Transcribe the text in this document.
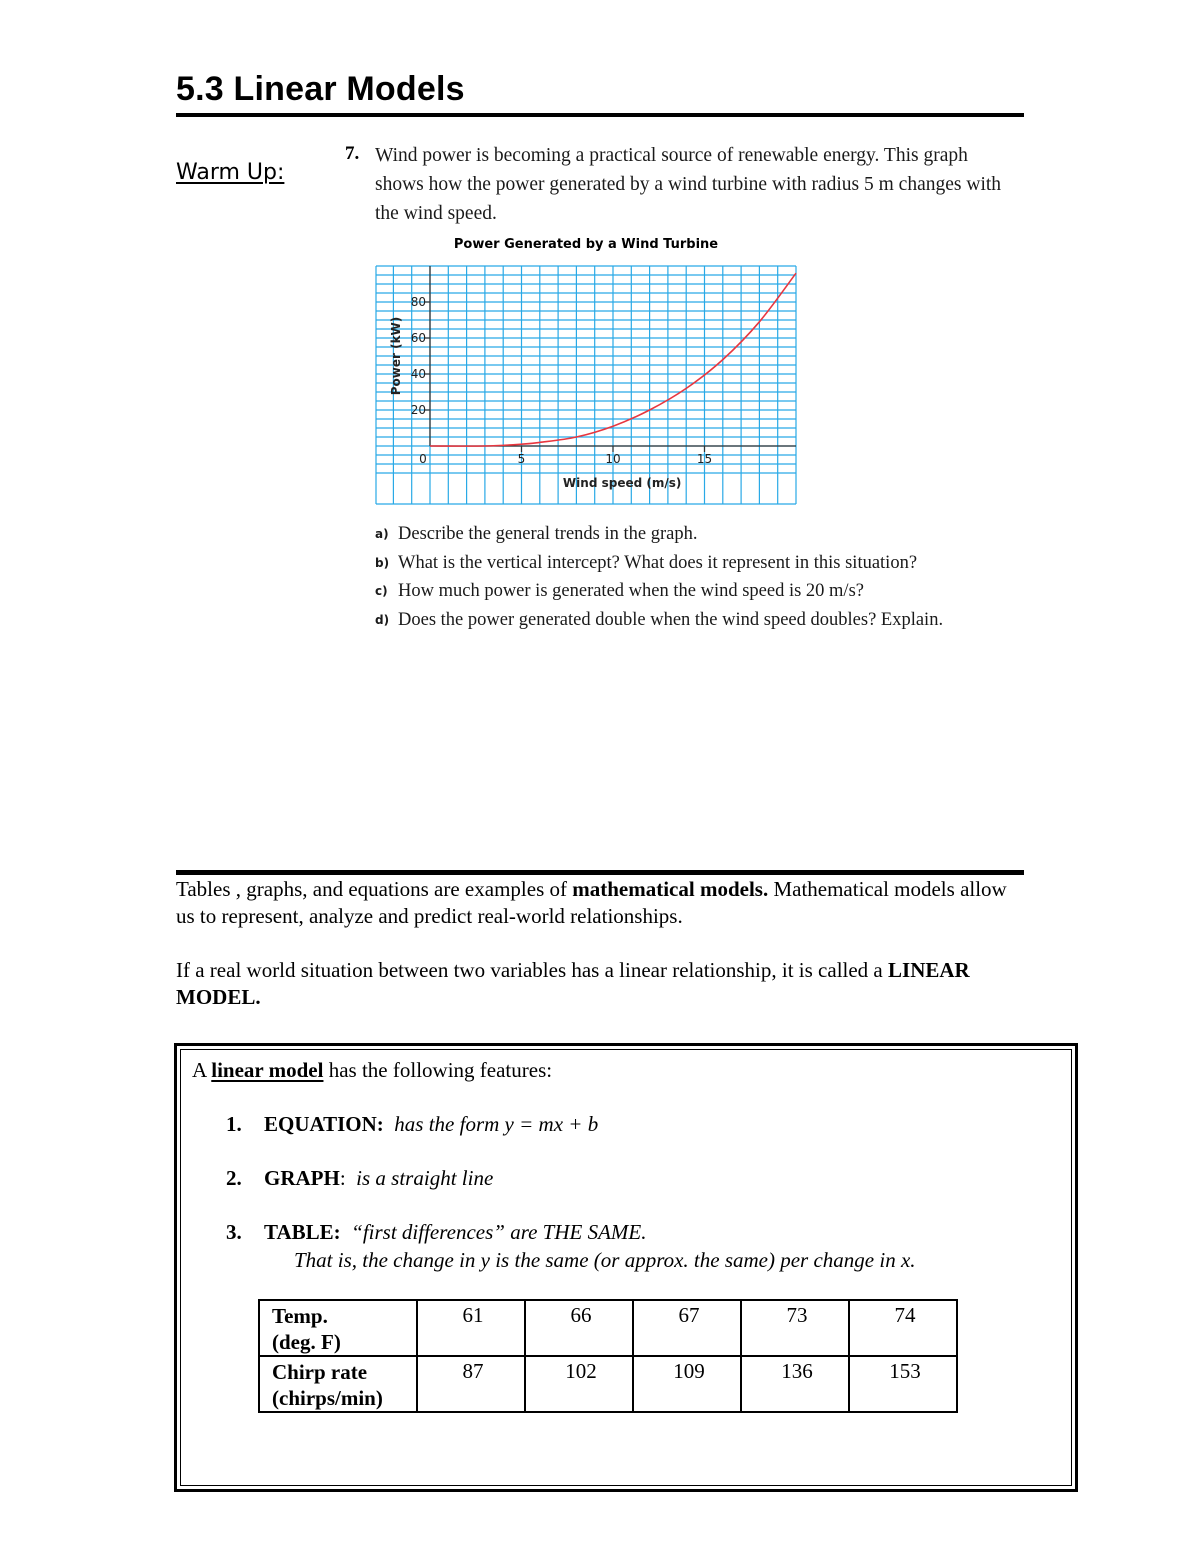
5.3 Linear Models
Warm Up:
7. Wind power is becoming a practical source of renewable energy. This graph shows how the power generated by a wind turbine with radius 5 m changes with the wind speed.
Power Generated by a Wind Turbine
20
40
60
80
0	5	10	15
Wind speed (m/s)
Power (kW)
a) Describe the general trends in the graph.
b) What is the vertical intercept? What does it represent in this situation?
c) How much power is generated when the wind speed is 20 m/s?
d) Does the power generated double when the wind speed doubles? Explain.
Tables , graphs, and equations are examples of mathematical models. Mathematical models allow us to represent, analyze and predict real-world relationships.
If a real world situation between two variables has a linear relationship, it is called a LINEAR MODEL.
A linear model has the following features:
1. EQUATION: has the form y = mx + b
2. GRAPH: is a straight line
3. TABLE: “first differences” are THE SAME.
That is, the change in y is the same (or approx. the same) per change in x.
Temp.
(deg. F)	61	66	67	73	74
Chirp rate
(chirps/min)	87	102	109	136	153
